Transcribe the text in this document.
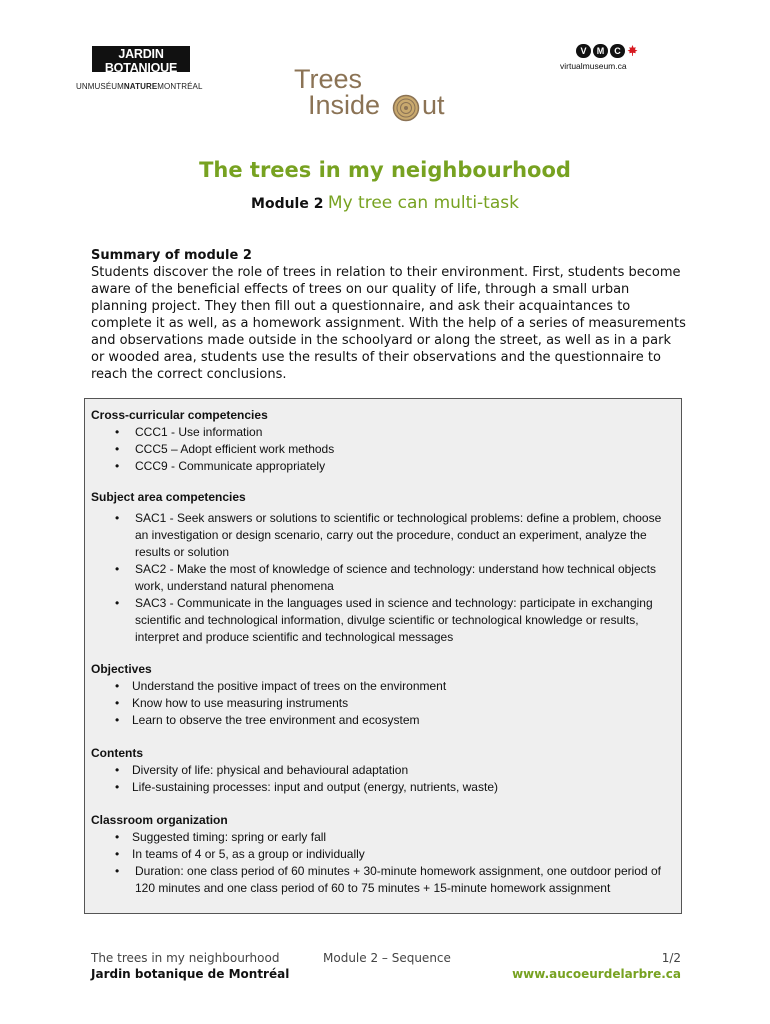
JARDIN BOTANIQUE
DE MONTRÉAL
UNMUSÉUMNATUREMONTRÉAL
V	M	C
virtualmuseum.ca
Trees
Inside ut
The trees in my neighbourhood

Module 2 My tree can multi-task

Summary of module 2

Students discover the role of trees in relation to their environment. First, students become aware of the beneficial effects of trees on our quality of life, through a small urban planning project. They then fill out a questionnaire, and ask their acquaintances to complete it as well, as a homework assignment. With the help of a series of measurements and observations made outside in the schoolyard or along the street, as well as in a park or wooded area, students use the results of their observations and the questionnaire to reach the correct conclusions.

Cross-curricular competencies
• CCC1 - Use information
• CCC5 – Adopt efficient work methods
• CCC9 - Communicate appropriately
Subject area competencies
• SAC1 - Seek answers or solutions to scientific or technological problems: define a problem, choose an investigation or design scenario, carry out the procedure, conduct an experiment, analyze the results or solution
• SAC2 - Make the most of knowledge of science and technology: understand how technical objects work, understand natural phenomena
• SAC3 - Communicate in the languages used in science and technology: participate in exchanging scientific and technological information, divulge scientific or technological knowledge or results, interpret and produce scientific and technological messages
Objectives
• Understand the positive impact of trees on the environment
• Know how to use measuring instruments
• Learn to observe the tree environment and ecosystem
Contents
• Diversity of life: physical and behavioural adaptation
• Life-sustaining processes: input and output (energy, nutrients, waste)
Classroom organization
• Suggested timing: spring or early fall
• In teams of 4 or 5, as a group or individually
• Duration: one class period of 60 minutes + 30-minute homework assignment, one outdoor period of 120 minutes and one class period of 60 to 75 minutes + 15-minute homework assignment
The trees in my neighbourhood
Jardin botanique de Montréal
Module 2 – Sequence	1/2
www.aucoeurdelarbre.ca
